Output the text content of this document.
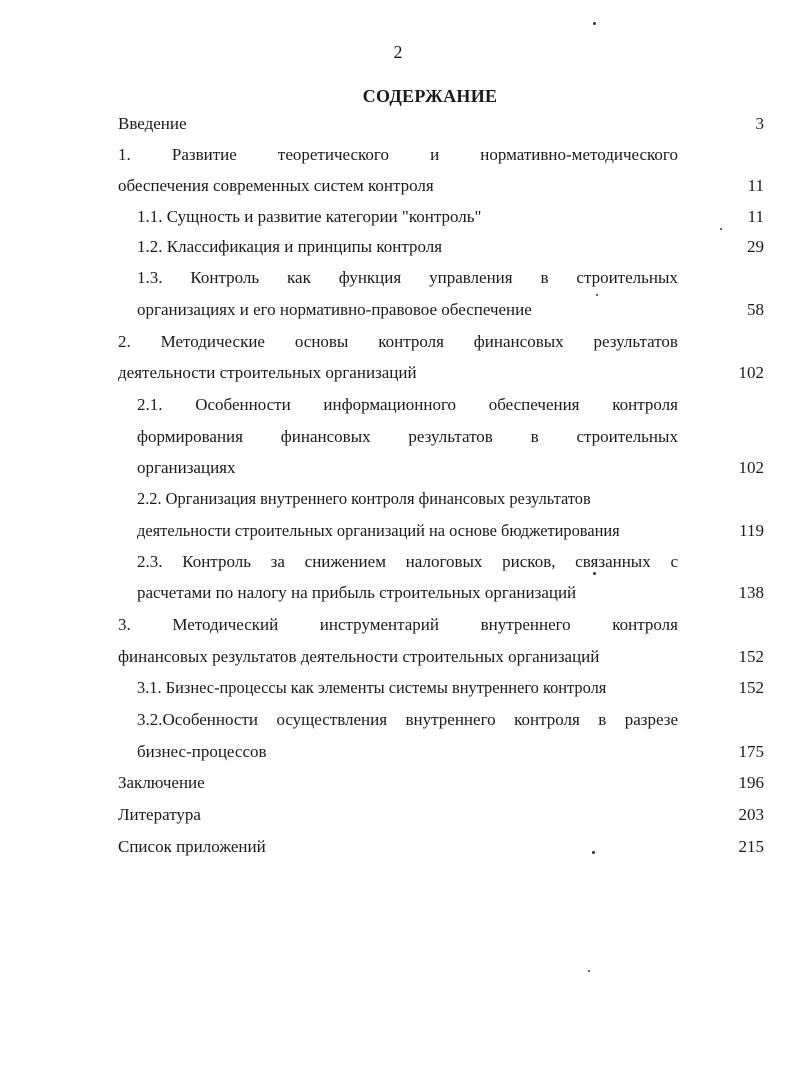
2
СОДЕРЖАНИЕ
Введение	3
1. Развитие теоретического и нормативно-методического
обеспечения современных систем контроля	11
1.1. Сущность и развитие категории "контроль"	11
1.2. Классификация и принципы контроля	29
1.3. Контроль как функция управления в строительных
организациях и его нормативно-правовое обеспечение	58
2. Методические основы контроля финансовых результатов
деятельности строительных организаций	102
2.1. Особенности информационного обеспечения контроля
формирования финансовых результатов в строительных
организациях	102
2.2. Организация внутреннего контроля финансовых результатов
деятельности строительных организаций на основе бюджетирования	119
2.3. Контроль за снижением налоговых рисков, связанных с
расчетами по налогу на прибыль строительных организаций	138
3. Методический инструментарий внутреннего контроля
финансовых результатов деятельности строительных организаций	152
3.1. Бизнес-процессы как элементы системы внутреннего контроля	152
3.2.Особенности осуществления внутреннего контроля в разрезе
бизнес-процессов	175
Заключение	196
Литература	203
Список приложений	215
